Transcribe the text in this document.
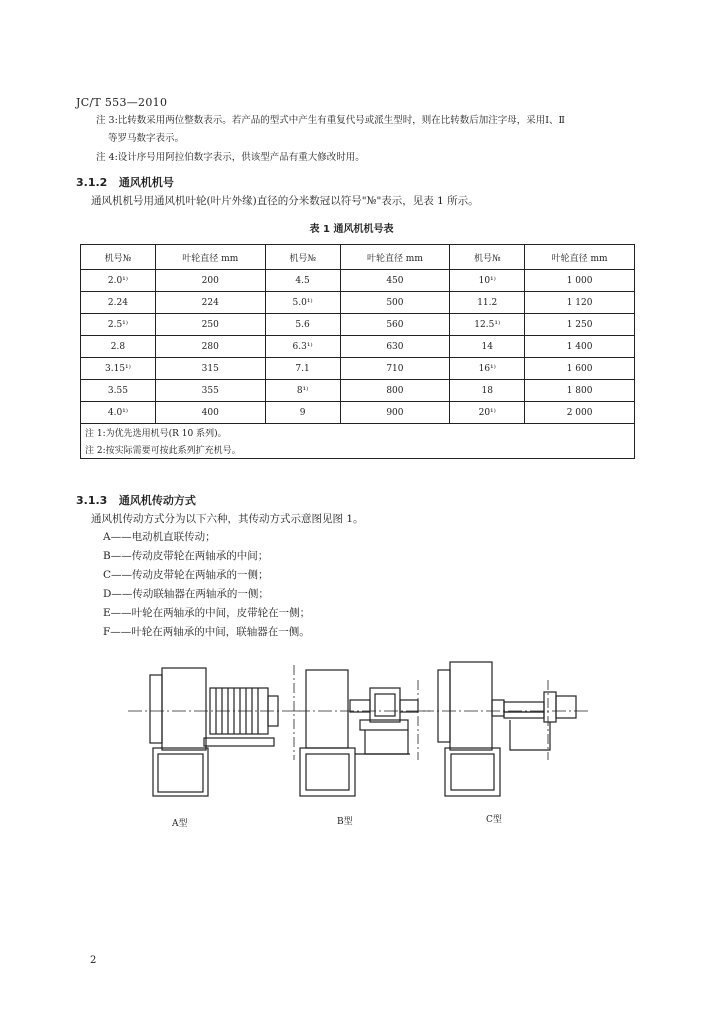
JC/T 553—2010
注 3:比转数采用两位整数表示。若产品的型式中产生有重复代号或派生型时，则在比转数后加注字母，采用Ⅰ、Ⅱ
等罗马数字表示。
注 4:设计序号用阿拉伯数字表示，供该型产品有重大修改时用。
3.1.2 通风机机号
通风机机号用通风机叶轮(叶片外缘)直径的分米数冠以符号"№"表示，见表 1 所示。
表 1 通风机机号表
机号№	叶轮直径 mm	机号№	叶轮直径 mm	机号№	叶轮直径 mm
2.0¹⁾	200	4.5	450	10¹⁾	1 000
2.24	224	5.0¹⁾	500	11.2	1 120
2.5¹⁾	250	5.6	560	12.5¹⁾	1 250
2.8	280	6.3¹⁾	630	14	1 400
3.15¹⁾	315	7.1	710	16¹⁾	1 600
3.55	355	8¹⁾	800	18	1 800
4.0¹⁾	400	9	900	20¹⁾	2 000
注 1:为优先选用机号(R 10 系列)。					
注 2:按实际需要可按此系列扩充机号。					
3.1.3 通风机传动方式
通风机传动方式分为以下六种，其传动方式示意图见图 1。
A——电动机直联传动；
B——传动皮带轮在两轴承的中间；
C——传动皮带轮在两轴承的一侧；
D——传动联轴器在两轴承的一侧；
E——叶轮在两轴承的中间，皮带轮在一侧；
F——叶轮在两轴承的中间，联轴器在一侧。
A型	B型	C型
2
